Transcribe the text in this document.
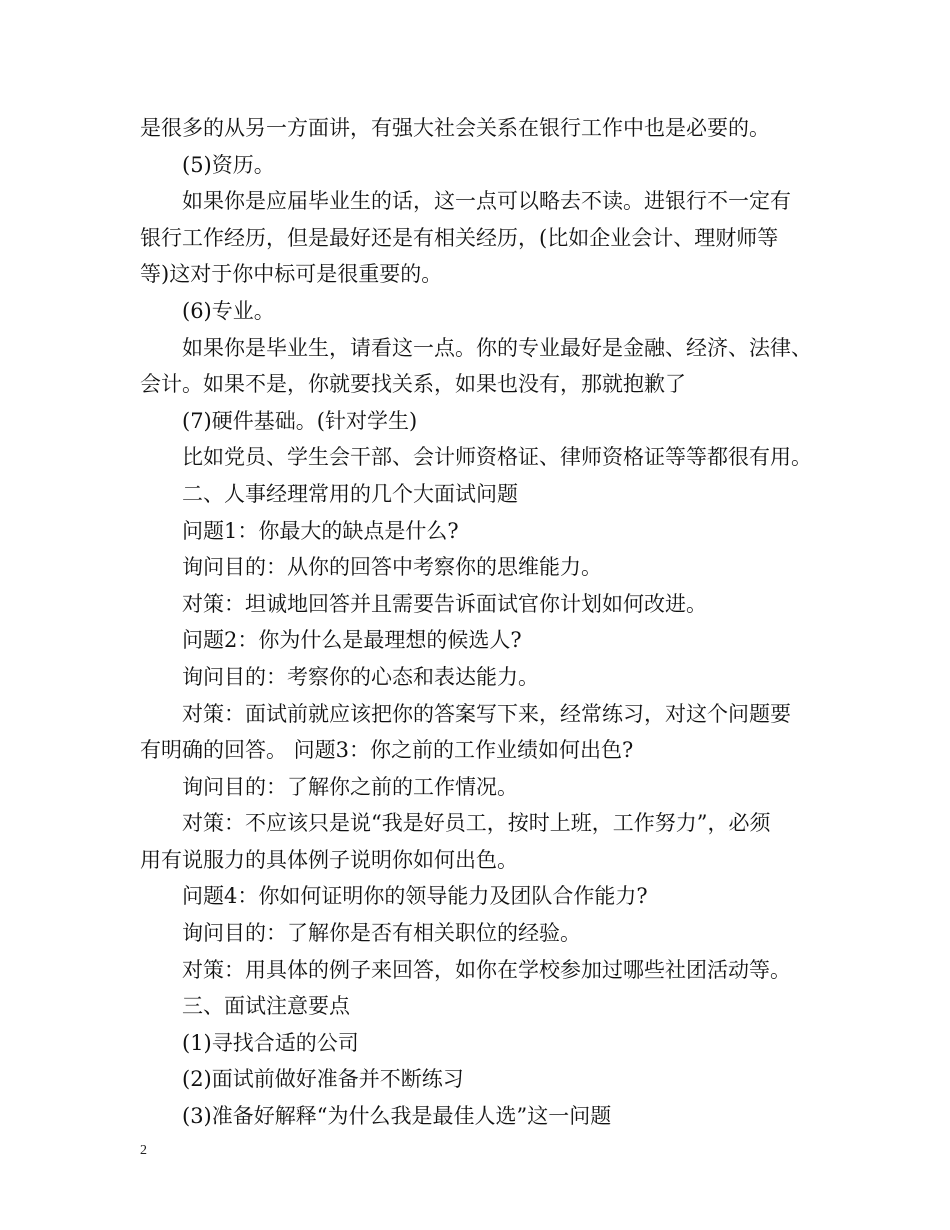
是很多的从另一方面讲，有强大社会关系在银行工作中也是必要的。
(5)资历。
如果你是应届毕业生的话，这一点可以略去不读。进银行不一定有
银行工作经历，但是最好还是有相关经历，(比如企业会计、理财师等
等)这对于你中标可是很重要的。
(6)专业。
如果你是毕业生，请看这一点。你的专业最好是金融、经济、法律、
会计。如果不是，你就要找关系，如果也没有，那就抱歉了
(7)硬件基础。(针对学生)
比如党员、学生会干部、会计师资格证、律师资格证等等都很有用。
二、人事经理常用的几个大面试问题
问题1：你最大的缺点是什么?
询问目的：从你的回答中考察你的思维能力。
对策：坦诚地回答并且需要告诉面试官你计划如何改进。
问题2：你为什么是最理想的候选人?
询问目的：考察你的心态和表达能力。
对策：面试前就应该把你的答案写下来，经常练习，对这个问题要
有明确的回答。 问题3：你之前的工作业绩如何出色?
询问目的：了解你之前的工作情况。
对策：不应该只是说“我是好员工，按时上班，工作努力”，必须
用有说服力的具体例子说明你如何出色。
问题4：你如何证明你的领导能力及团队合作能力?
询问目的：了解你是否有相关职位的经验。
对策：用具体的例子来回答，如你在学校参加过哪些社团活动等。
三、面试注意要点
(1)寻找合适的公司
(2)面试前做好准备并不断练习
(3)准备好解释“为什么我是最佳人选”这一问题
2
